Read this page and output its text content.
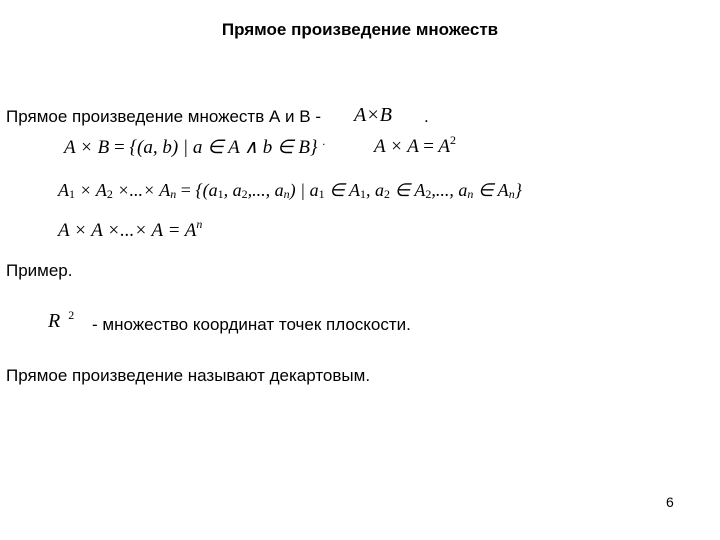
Прямое произведение множеств
Прямое произведение множеств А и В - A×B .
A × B = {(a, b) | a ∈ A ∧ b ∈ B} .	$A \times A = A^2$
$A_1 \times A_2$ ×...× $A_n = \{(a_1$, $a_2$,..., $a_n$) | $a_1$ ∈ $A_1$, $a_2$ ∈ $A_2$,..., $a_n$ ∈ $A_n$}
A × A ×...× $A = A^n$
Пример.
R $^2$ - множество координат точек плоскости.
Прямое произведение называют декартовым.
6
